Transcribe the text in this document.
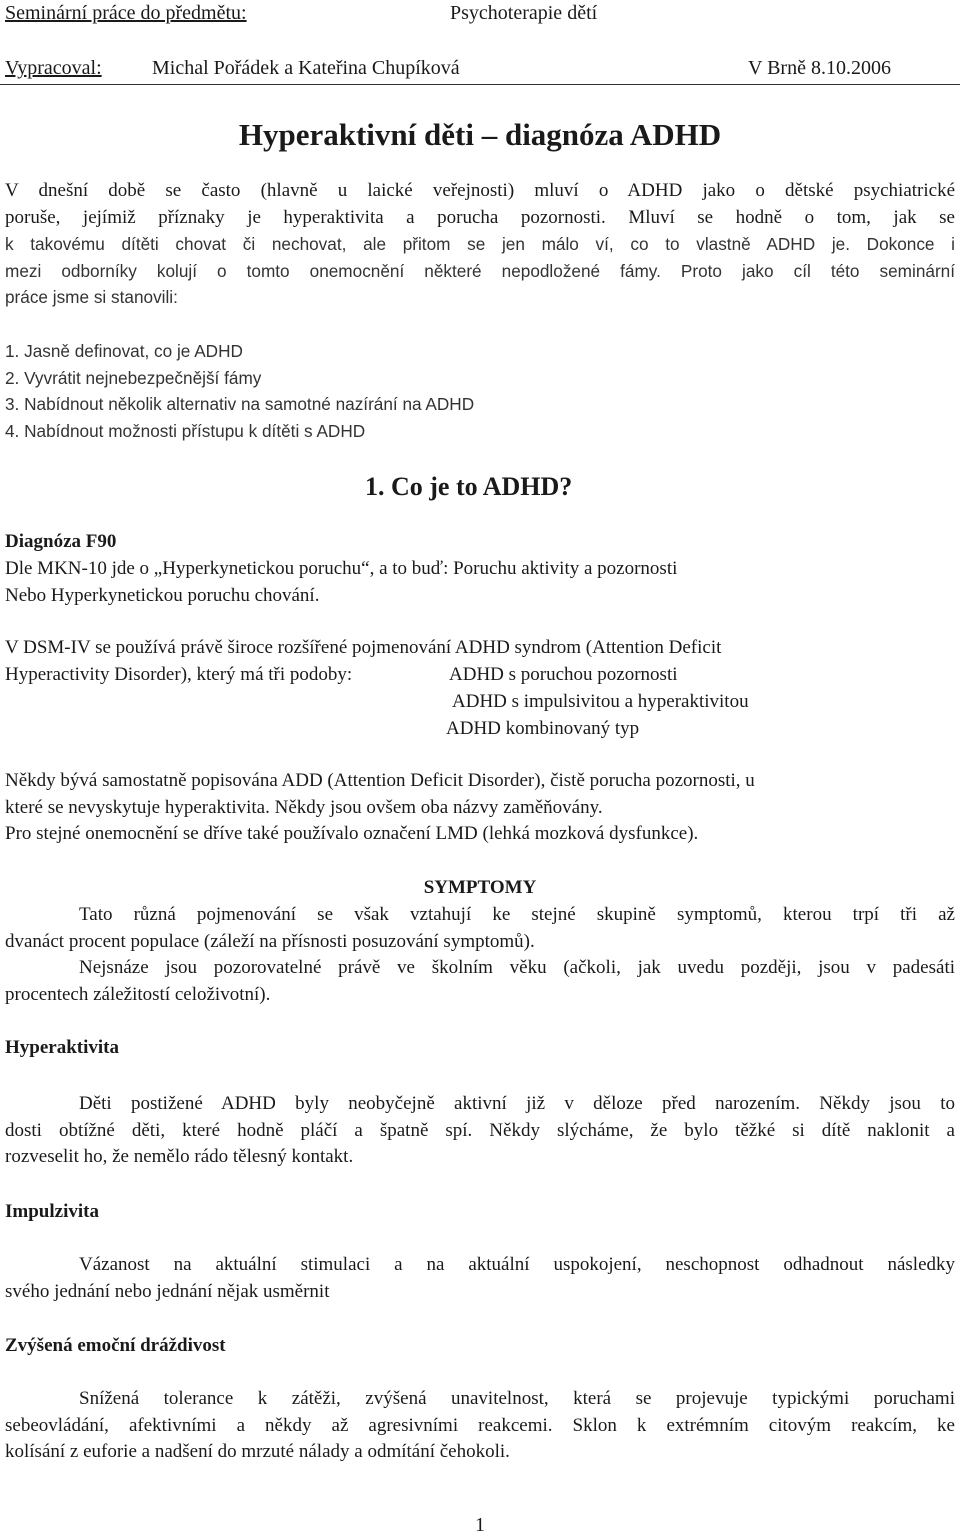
Seminární práce do předmětu:	Psychoterapie dětí
Vypracoval:	Michal Pořádek a Kateřina Chupíková	V Brně 8.10.2006
Hyperaktivní děti – diagnóza ADHD
V dnešní době se často (hlavně u laické veřejnosti) mluví o ADHD jako o dětské psychiatrické
poruše, jejímiž příznaky je hyperaktivita a porucha pozornosti. Mluví se hodně o tom, jak se
k takovému dítěti chovat či nechovat, ale přitom se jen málo ví, co to vlastně ADHD je. Dokonce i
mezi odborníky kolují o tomto onemocnění některé nepodložené fámy. Proto jako cíl této seminární
práce jsme si stanovili:
1. Jasně definovat, co je ADHD
2. Vyvrátit nejnebezpečnější fámy
3. Nabídnout několik alternativ na samotné nazírání na ADHD
4. Nabídnout možnosti přístupu k dítěti s ADHD
1. Co je to ADHD?
Diagnóza F90
Dle MKN-10 jde o „Hyperkynetickou poruchu“, a to buď: Poruchu aktivity a pozornosti
Nebo Hyperkynetickou poruchu chování.
V DSM-IV se používá právě široce rozšířené pojmenování ADHD syndrom (Attention Deficit
Hyperactivity Disorder), který má tři podoby:	ADHD s poruchou pozornosti
ADHD s impulsivitou a hyperaktivitou
ADHD kombinovaný typ
Někdy bývá samostatně popisována ADD (Attention Deficit Disorder), čistě porucha pozornosti, u
které se nevyskytuje hyperaktivita. Někdy jsou ovšem oba názvy zaměňovány.
Pro stejné onemocnění se dříve také používalo označení LMD (lehká mozková dysfunkce).
SYMPTOMY
Tato různá pojmenování se však vztahují ke stejné skupině symptomů, kterou trpí tři až
dvanáct procent populace (záleží na přísnosti posuzování symptomů).
Nejsnáze jsou pozorovatelné právě ve školním věku (ačkoli, jak uvedu později, jsou v padesáti
procentech záležitostí celoživotní).
Hyperaktivita
Děti postižené ADHD byly neobyčejně aktivní již v děloze před narozením. Někdy jsou to
dosti obtížné děti, které hodně pláčí a špatně spí. Někdy slýcháme, že bylo těžké si dítě naklonit a
rozveselit ho, že nemělo rádo tělesný kontakt.
Impulzivita
Vázanost na aktuální stimulaci a na aktuální uspokojení, neschopnost odhadnout následky
svého jednání nebo jednání nějak usměrnit
Zvýšená emoční dráždivost
Snížená tolerance k zátěži, zvýšená unavitelnost, která se projevuje typickými poruchami
sebeovládání, afektivními a někdy až agresivními reakcemi. Sklon k extrémním citovým reakcím, ke
kolísání z euforie a nadšení do mrzuté nálady a odmítání čehokoli.
1
